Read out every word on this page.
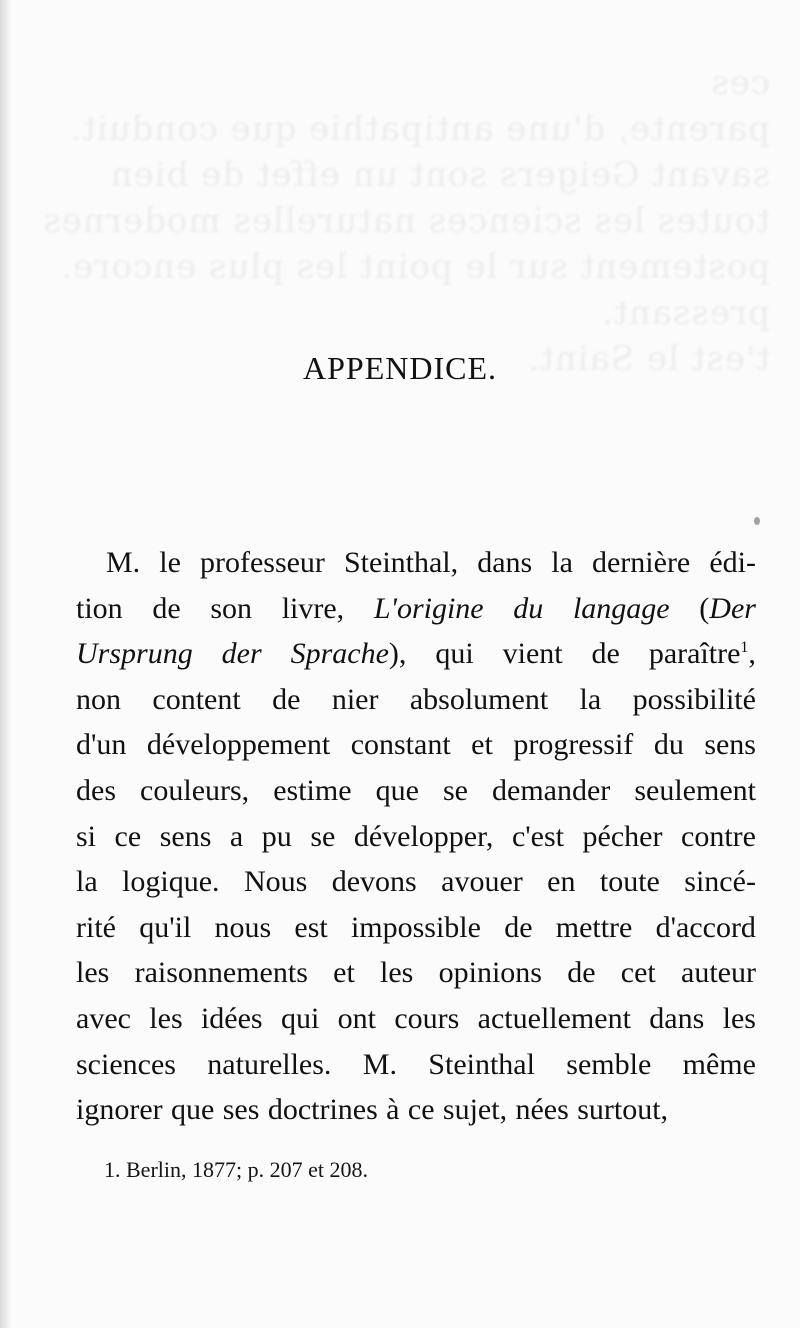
ces
parente, d'une antipathie que conduit.
savant Geigers sont un effet de bien
toutes les sciences naturelles modernes
postement sur le point les plus encore.
pressant.
t'est le Saint.
APPENDICE.
M. le professeur Steinthal, dans la dernière édi-
tion de son livre, L'origine du langage (Der
Ursprung der Sprache), qui vient de paraître$^1$,
non content de nier absolument la possibilité
d'un développement constant et progressif du sens
des couleurs, estime que se demander seulement
si ce sens a pu se développer, c'est pécher contre
la logique. Nous devons avouer en toute sincé-
rité qu'il nous est impossible de mettre d'accord
les raisonnements et les opinions de cet auteur
avec les idées qui ont cours actuellement dans les
sciences naturelles. M. Steinthal semble même
ignorer que ses doctrines à ce sujet, nées surtout,
1. Berlin, 1877; p. 207 et 208.
